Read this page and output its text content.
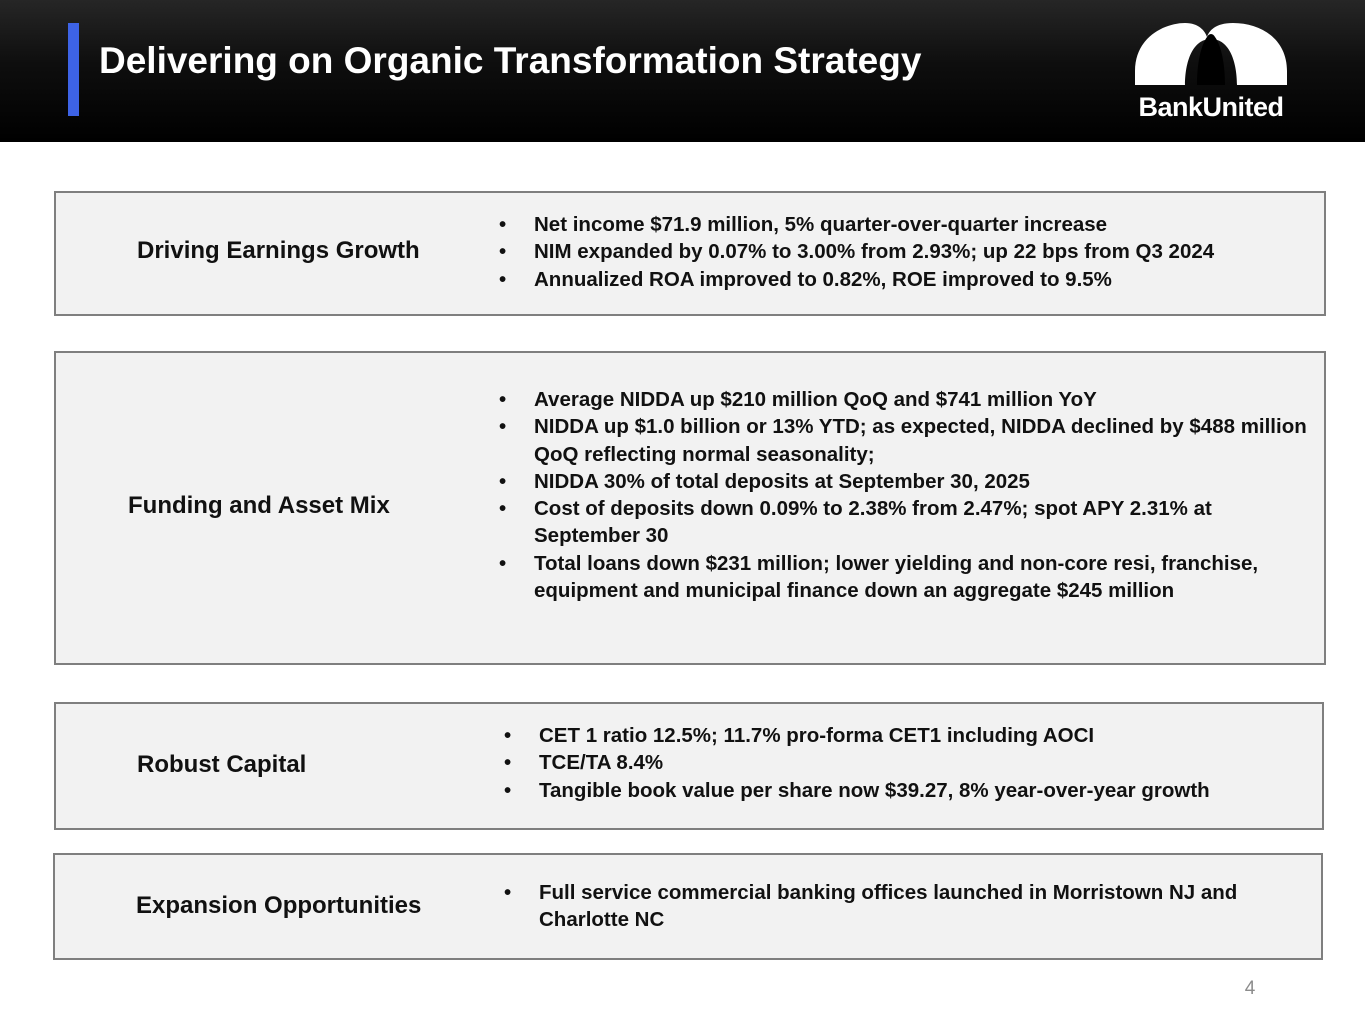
Delivering on Organic Transformation Strategy
BankUnited
Driving Earnings Growth
• Net income $71.9 million, 5% quarter-over-quarter increase
• NIM expanded by 0.07% to 3.00% from 2.93%; up 22 bps from Q3 2024
• Annualized ROA improved to 0.82%, ROE improved to 9.5%
Funding and Asset Mix
• Average NIDDA up $210 million QoQ and $741 million YoY
• NIDDA up $1.0 billion or 13% YTD; as expected, NIDDA declined by $488 million QoQ reflecting normal seasonality;
• NIDDA 30% of total deposits at September 30, 2025
• Cost of deposits down 0.09% to 2.38% from 2.47%; spot APY 2.31% at September 30
• Total loans down $231 million; lower yielding and non-core resi, franchise, equipment and municipal finance down an aggregate $245 million
Robust Capital
• CET 1 ratio 12.5%; 11.7% pro-forma CET1 including AOCI
• TCE/TA 8.4%
• Tangible book value per share now $39.27, 8% year-over-year growth
Expansion Opportunities
•	Full service commercial banking offices launched in Morristown NJ and Charlotte NC
4
